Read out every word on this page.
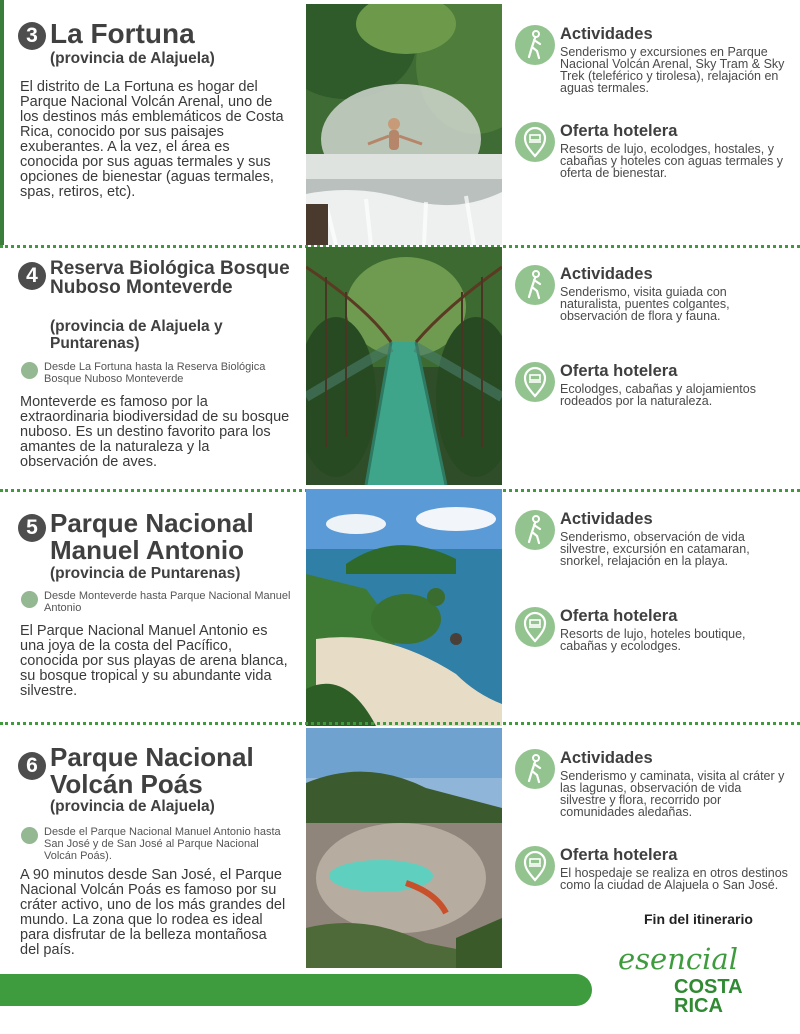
3 La Fortuna
(provincia de Alajuela)
El distrito de La Fortuna es hogar del Parque Nacional Volcán Arenal, uno de los destinos más emblemáticos de Costa Rica, conocido por sus paisajes exuberantes. A la vez, el área es conocida por sus aguas termales y sus opciones de bienestar (aguas termales, spas, retiros, etc).
Actividades
Senderismo y excursiones en Parque Nacional Volcán Arenal, Sky Tram & Sky Trek (teleférico y tirolesa), relajación en aguas termales.
Oferta hotelera
Resorts de lujo, ecolodges, hostales, y cabañas y hoteles con aguas termales y oferta de bienestar.
4 Reserva Biológica Bosque Nuboso Monteverde
(provincia de Alajuela y Puntarenas)
Desde La Fortuna hasta la Reserva Biológica Bosque Nuboso Monteverde
Monteverde es famoso por la extraordinaria biodiversidad de su bosque nuboso. Es un destino favorito para los amantes de la naturaleza y la observación de aves.
Actividades
Senderismo, visita guiada con naturalista, puentes colgantes, observación de flora y fauna.
Oferta hotelera
Ecolodges, cabañas y alojamientos rodeados por la naturaleza.
5 Parque Nacional Manuel Antonio
(provincia de Puntarenas)
Desde Monteverde hasta Parque Nacional Manuel Antonio
El Parque Nacional Manuel Antonio es una joya de la costa del Pacífico, conocida por sus playas de arena blanca, su bosque tropical y su abundante vida silvestre.
Actividades
Senderismo, observación de vida silvestre, excursión en catamaran, snorkel, relajación en la playa.
Oferta hotelera
Resorts de lujo, hoteles boutique, cabañas y ecolodges.
6 Parque Nacional Volcán Poás
(provincia de Alajuela)
Desde el Parque Nacional Manuel Antonio hasta San José y de San José al Parque Nacional Volcán Poás).
A 90 minutos desde San José, el Parque Nacional Volcán Poás es famoso por su cráter activo, uno de los más grandes del mundo. La zona que lo rodea es ideal para disfrutar de la belleza montañosa del país.
Actividades
Senderismo y caminata, visita al cráter y las lagunas, observación de vida silvestre y flora, recorrido por comunidades aledañas.
Oferta hotelera
El hospedaje se realiza en otros destinos como la ciudad de Alajuela o San José.
Fin del itinerario
esencial
COSTA RICA
